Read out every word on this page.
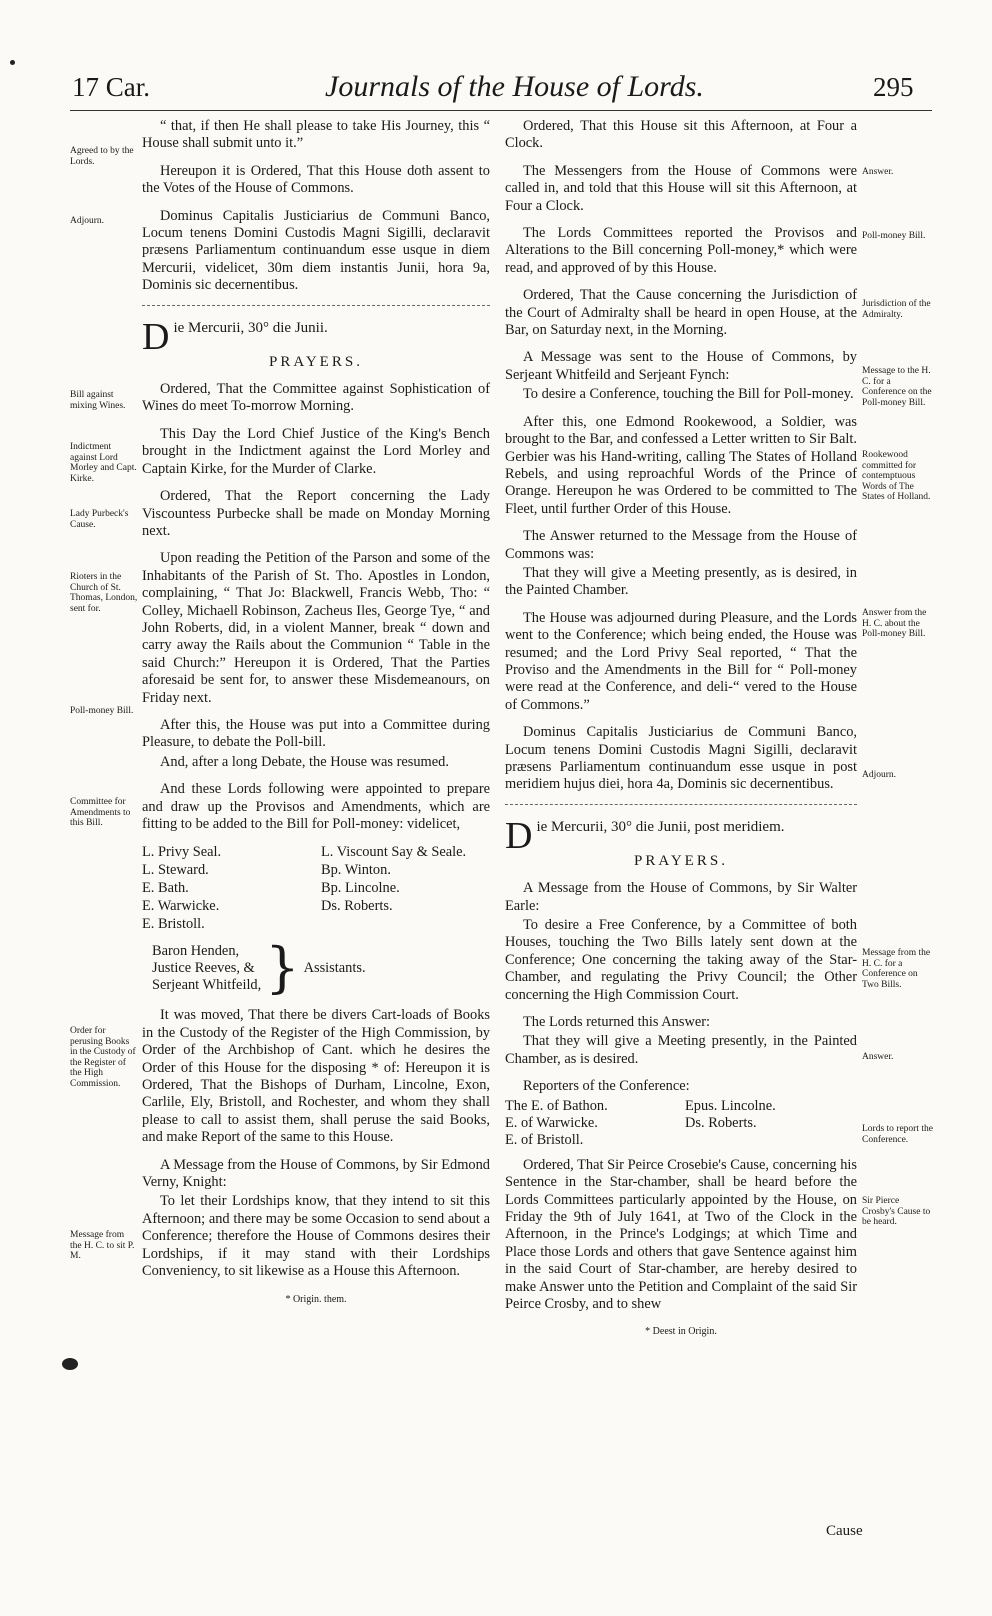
17 Car.	Journals of the House of Lords.	295
Agreed to by the Lords.
Adjourn.
Bill against mixing Wines.
Indictment against Lord Morley and Capt. Kirke.
Lady Purbeck's Cause.
Rioters in the Church of St. Thomas, London, sent for.
Poll-money Bill.
Committee for Amendments to this Bill.
Order for perusing Books in the Custody of the Register of the High Commission.
Message from the H. C. to sit P. M.

“ that, if then He shall please to take His Journey, this “ House shall submit unto it.”

Hereupon it is Ordered, That this House doth assent to the Votes of the House of Commons.

Dominus Capitalis Justiciarius de Communi Banco, Locum tenens Domini Custodis Magni Sigilli, declaravit præsens Parliamentum continuandum esse usque in diem Mercurii, videlicet, 30m diem instantis Junii, hora 9a, Dominis sic decernentibus.

D ie Mercurii, 30° die Junii.
PRAYERS.

Ordered, That the Committee against Sophistication of Wines do meet To-morrow Morning.

This Day the Lord Chief Justice of the King's Bench brought in the Indictment against the Lord Morley and Captain Kirke, for the Murder of Clarke.

Ordered, That the Report concerning the Lady Viscountess Purbecke shall be made on Monday Morning next.

Upon reading the Petition of the Parson and some of the Inhabitants of the Parish of St. Tho. Apostles in London, complaining, “ That Jo: Blackwell, Francis Webb, Tho: “ Colley, Michaell Robinson, Zacheus Iles, George Tye, “ and John Roberts, did, in a violent Manner, break “ down and carry away the Rails about the Communion “ Table in the said Church:” Hereupon it is Ordered, That the Parties aforesaid be sent for, to answer these Misdemeanours, on Friday next.

After this, the House was put into a Committee during Pleasure, to debate the Poll-bill.

And, after a long Debate, the House was resumed.

And these Lords following were appointed to prepare and draw up the Provisos and Amendments, which are fitting to be added to the Bill for Poll-money: videlicet,

L. Privy Seal.
L. Steward.
E. Bath.
E. Warwicke.
E. Bristoll.
L. Viscount Say & Seale.
Bp. Winton.
Bp. Lincolne.
Ds. Roberts.
Baron Henden,
Justice Reeves, &
Serjeant Whitfeild, } Assistants.

It was moved, That there be divers Cart-loads of Books in the Custody of the Register of the High Commission, by Order of the Archbishop of Cant. which he desires the Order of this House for the disposing * of: Hereupon it is Ordered, That the Bishops of Durham, Lincolne, Exon, Carlile, Ely, Bristoll, and Rochester, and whom they shall please to call to assist them, shall peruse the said Books, and make Report of the same to this House.

A Message from the House of Commons, by Sir Edmond Verny, Knight:

To let their Lordships know, that they intend to sit this Afternoon; and there may be some Occasion to send about a Conference; therefore the House of Commons desires their Lordships, if it may stand with their Lordships Conveniency, to sit likewise as a House this Afternoon.

* Origin. them.
Answer.
Poll-money Bill.
Jurisdiction of the Admiralty.
Message to the H. C. for a Conference on the Poll-money Bill.
Rookewood committed for contemptuous Words of The States of Holland.
Answer from the H. C. about the Poll-money Bill.
Adjourn.
Message from the H. C. for a Conference on Two Bills.
Answer.
Lords to report the Conference.
Sir Pierce Crosby's Cause to be heard.

Ordered, That this House sit this Afternoon, at Four a Clock.

The Messengers from the House of Commons were called in, and told that this House will sit this Afternoon, at Four a Clock.

The Lords Committees reported the Provisos and Alterations to the Bill concerning Poll-money,* which were read, and approved of by this House.

Ordered, That the Cause concerning the Jurisdiction of the Court of Admiralty shall be heard in open House, at the Bar, on Saturday next, in the Morning.

A Message was sent to the House of Commons, by Serjeant Whitfeild and Serjeant Fynch:

To desire a Conference, touching the Bill for Poll-money.

After this, one Edmond Rookewood, a Soldier, was brought to the Bar, and confessed a Letter written to Sir Balt. Gerbier was his Hand-writing, calling The States of Holland Rebels, and using reproachful Words of the Prince of Orange. Hereupon he was Ordered to be committed to The Fleet, until further Order of this House.

The Answer returned to the Message from the House of Commons was:

That they will give a Meeting presently, as is desired, in the Painted Chamber.

The House was adjourned during Pleasure, and the Lords went to the Conference; which being ended, the House was resumed; and the Lord Privy Seal reported, “ That the Proviso and the Amendments in the Bill for “ Poll-money were read at the Conference, and deli-“ vered to the House of Commons.”

Dominus Capitalis Justiciarius de Communi Banco, Locum tenens Domini Custodis Magni Sigilli, declaravit præsens Parliamentum continuandum esse usque in post meridiem hujus diei, hora 4a, Dominis sic decernentibus.

D ie Mercurii, 30° die Junii, post meridiem.
PRAYERS.

A Message from the House of Commons, by Sir Walter Earle:

To desire a Free Conference, by a Committee of both Houses, touching the Two Bills lately sent down at the Conference; One concerning the taking away of the Star-Chamber, and regulating the Privy Council; the Other concerning the High Commission Court.

The Lords returned this Answer:

That they will give a Meeting presently, in the Painted Chamber, as is desired.

Reporters of the Conference:

The E. of Bathon.
E. of Warwicke.
E. of Bristoll.
Epus. Lincolne.
Ds. Roberts.

Ordered, That Sir Peirce Crosebie's Cause, concerning his Sentence in the Star-chamber, shall be heard before the Lords Committees particularly appointed by the House, on Friday the 9th of July 1641, at Two of the Clock in the Afternoon, in the Prince's Lodgings; at which Time and Place those Lords and others that gave Sentence against him in the said Court of Star-chamber, are hereby desired to make Answer unto the Petition and Complaint of the said Sir Peirce Crosby, and to shew

* Deest in Origin.
Cause
